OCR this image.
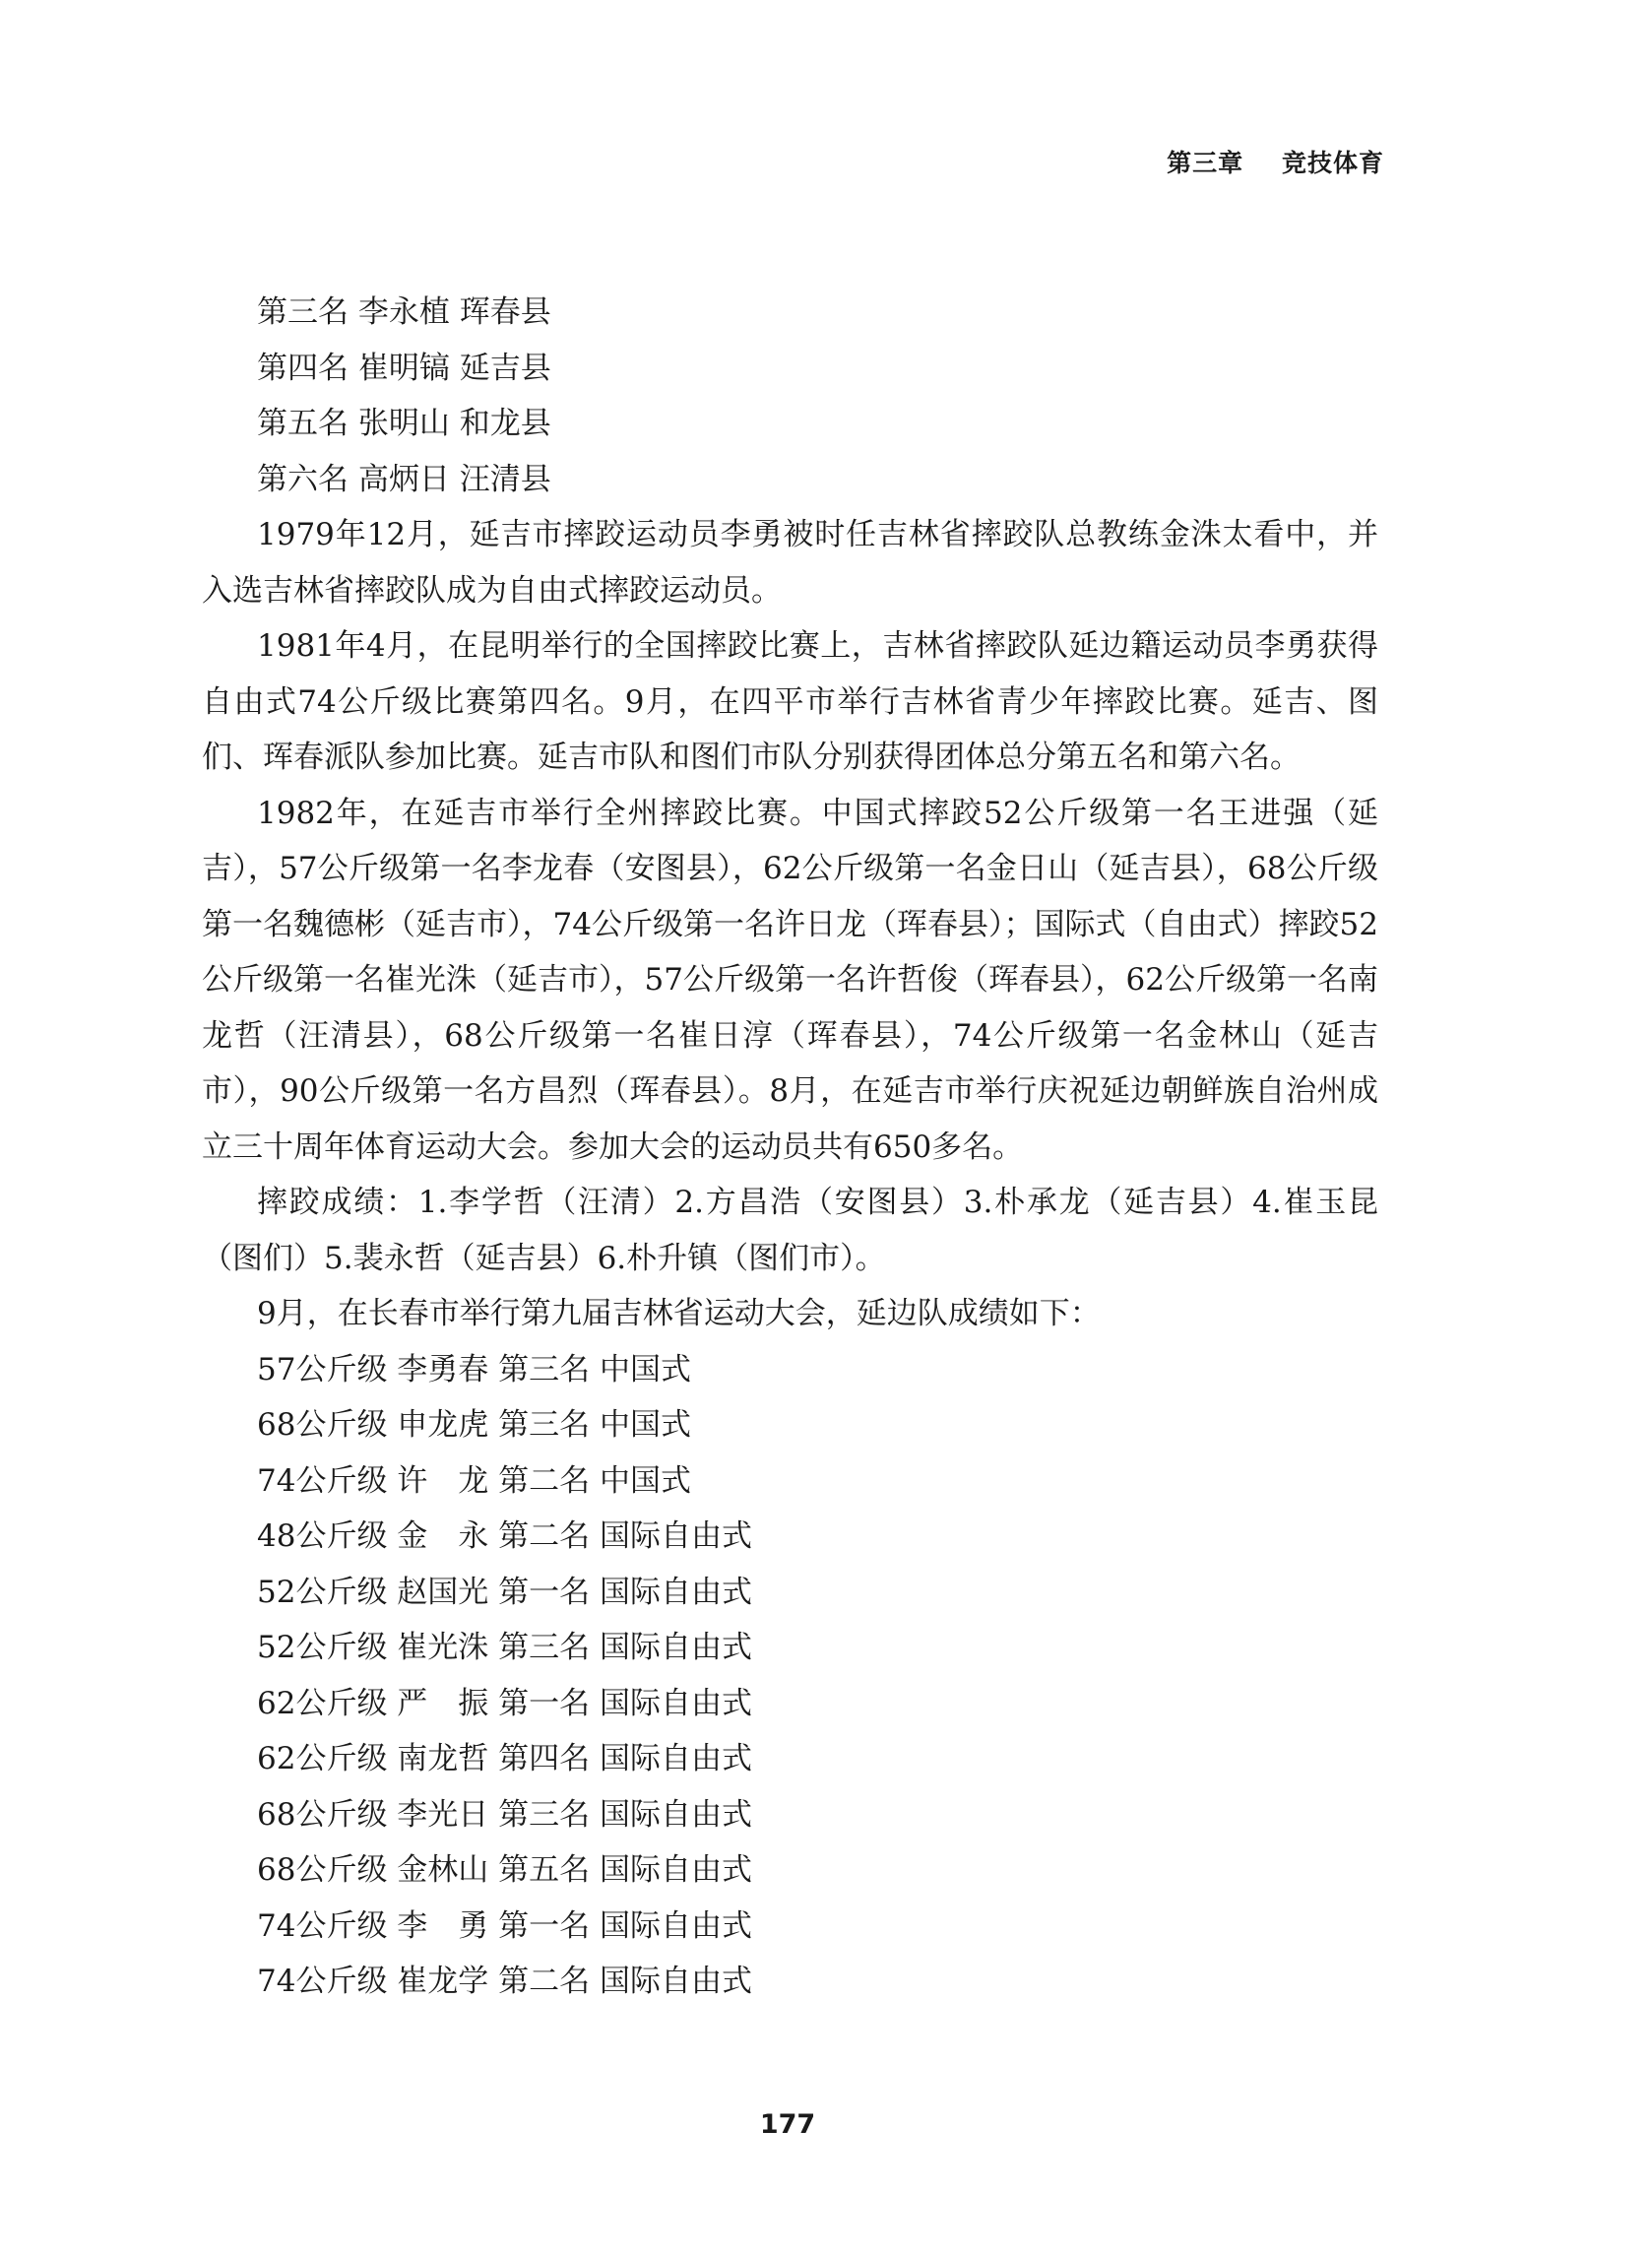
第三章 竞技体育
第三名 李永植 珲春县
第四名 崔明镐 延吉县
第五名 张明山 和龙县
第六名 高炳日 汪清县

1979年12月，延吉市摔跤运动员李勇被时任吉林省摔跤队总教练金洙太看中，并入选吉林省摔跤队成为自由式摔跤运动员。

1981年4月，在昆明举行的全国摔跤比赛上，吉林省摔跤队延边籍运动员李勇获得自由式74公斤级比赛第四名。9月，在四平市举行吉林省青少年摔跤比赛。延吉、图们、珲春派队参加比赛。延吉市队和图们市队分别获得团体总分第五名和第六名。

1982年，在延吉市举行全州摔跤比赛。中国式摔跤52公斤级第一名王进强（延吉），57公斤级第一名李龙春（安图县），62公斤级第一名金日山（延吉县），68公斤级第一名魏德彬（延吉市），74公斤级第一名许日龙（珲春县）；国际式（自由式）摔跤52公斤级第一名崔光洙（延吉市），57公斤级第一名许哲俊（珲春县），62公斤级第一名南龙哲（汪清县），68公斤级第一名崔日淳（珲春县），74公斤级第一名金林山（延吉市），90公斤级第一名方昌烈（珲春县）。8月，在延吉市举行庆祝延边朝鲜族自治州成立三十周年体育运动大会。参加大会的运动员共有650多名。

摔跤成绩：1.李学哲（汪清）2.方昌浩（安图县）3.朴承龙（延吉县）4.崔玉昆（图们）5.裴永哲（延吉县）6.朴升镇（图们市）。

9月，在长春市举行第九届吉林省运动大会，延边队成绩如下：

57公斤级 李勇春 第三名 中国式
68公斤级 申龙虎 第三名 中国式
74公斤级 许　龙 第二名 中国式
48公斤级 金　永 第二名 国际自由式
52公斤级 赵国光 第一名 国际自由式
52公斤级 崔光洙 第三名 国际自由式
62公斤级 严　振 第一名 国际自由式
62公斤级 南龙哲 第四名 国际自由式
68公斤级 李光日 第三名 国际自由式
68公斤级 金林山 第五名 国际自由式
74公斤级 李　勇 第一名 国际自由式
74公斤级 崔龙学 第二名 国际自由式
177
